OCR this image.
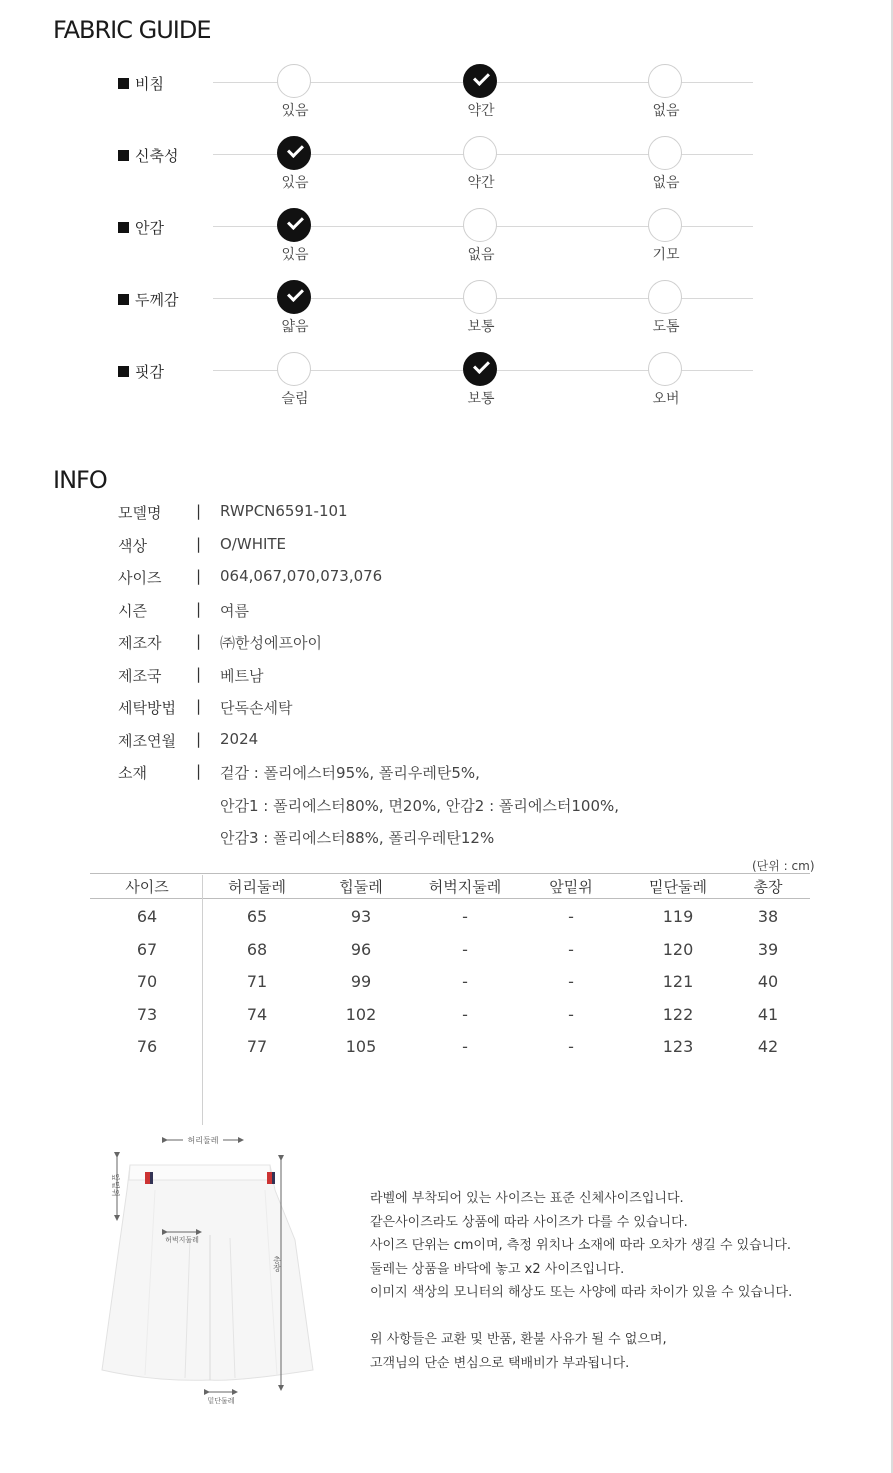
FABRIC GUIDE
비침
있음	약간	없음
신축성
있음	약간	없음
안감
있음	없음	기모
두께감
얇음	보통	도톰
핏감
슬림	보통	오버
INFO
모델명 | RWPCN6591-101
색상	| O/WHITE
사이즈 | 064,067,070,073,076
시즌	| 여름
제조자 | ㈜한성에프아이
제조국 | 베트남
세탁방법 | 단독손세탁
제조연월 | 2024
소재	| 겉감 : 폴리에스터95%, 폴리우레탄5%,
안감1 : 폴리에스터80%, 면20%, 안감2 : 폴리에스터100%,
안감3 : 폴리에스터88%, 폴리우레탄12%
(단위 : cm)
사이즈	허리둘레	힙둘레	허벅지둘레	앞밑위	밑단둘레	총장
64	65	93	-	-	119	38
67	68	96	-	-	120	39
70	71	99	-	-	121	40
73	74	102	-	-	122	41
76	77	105	-	-	123	42
허리둘레
앞밑위
허벅지둘레
총장
밑단둘레
라벨에 부착되어 있는 사이즈는 표준 신체사이즈입니다.
같은사이즈라도 상품에 따라 사이즈가 다를 수 있습니다.
사이즈 단위는 cm이며, 측정 위치나 소재에 따라 오차가 생길 수 있습니다.
둘레는 상품을 바닥에 놓고 x2 사이즈입니다.
이미지 색상의 모니터의 해상도 또는 사양에 따라 차이가 있을 수 있습니다.
위 사항들은 교환 및 반품, 환불 사유가 될 수 없으며,
고객님의 단순 변심으로 택배비가 부과됩니다.
